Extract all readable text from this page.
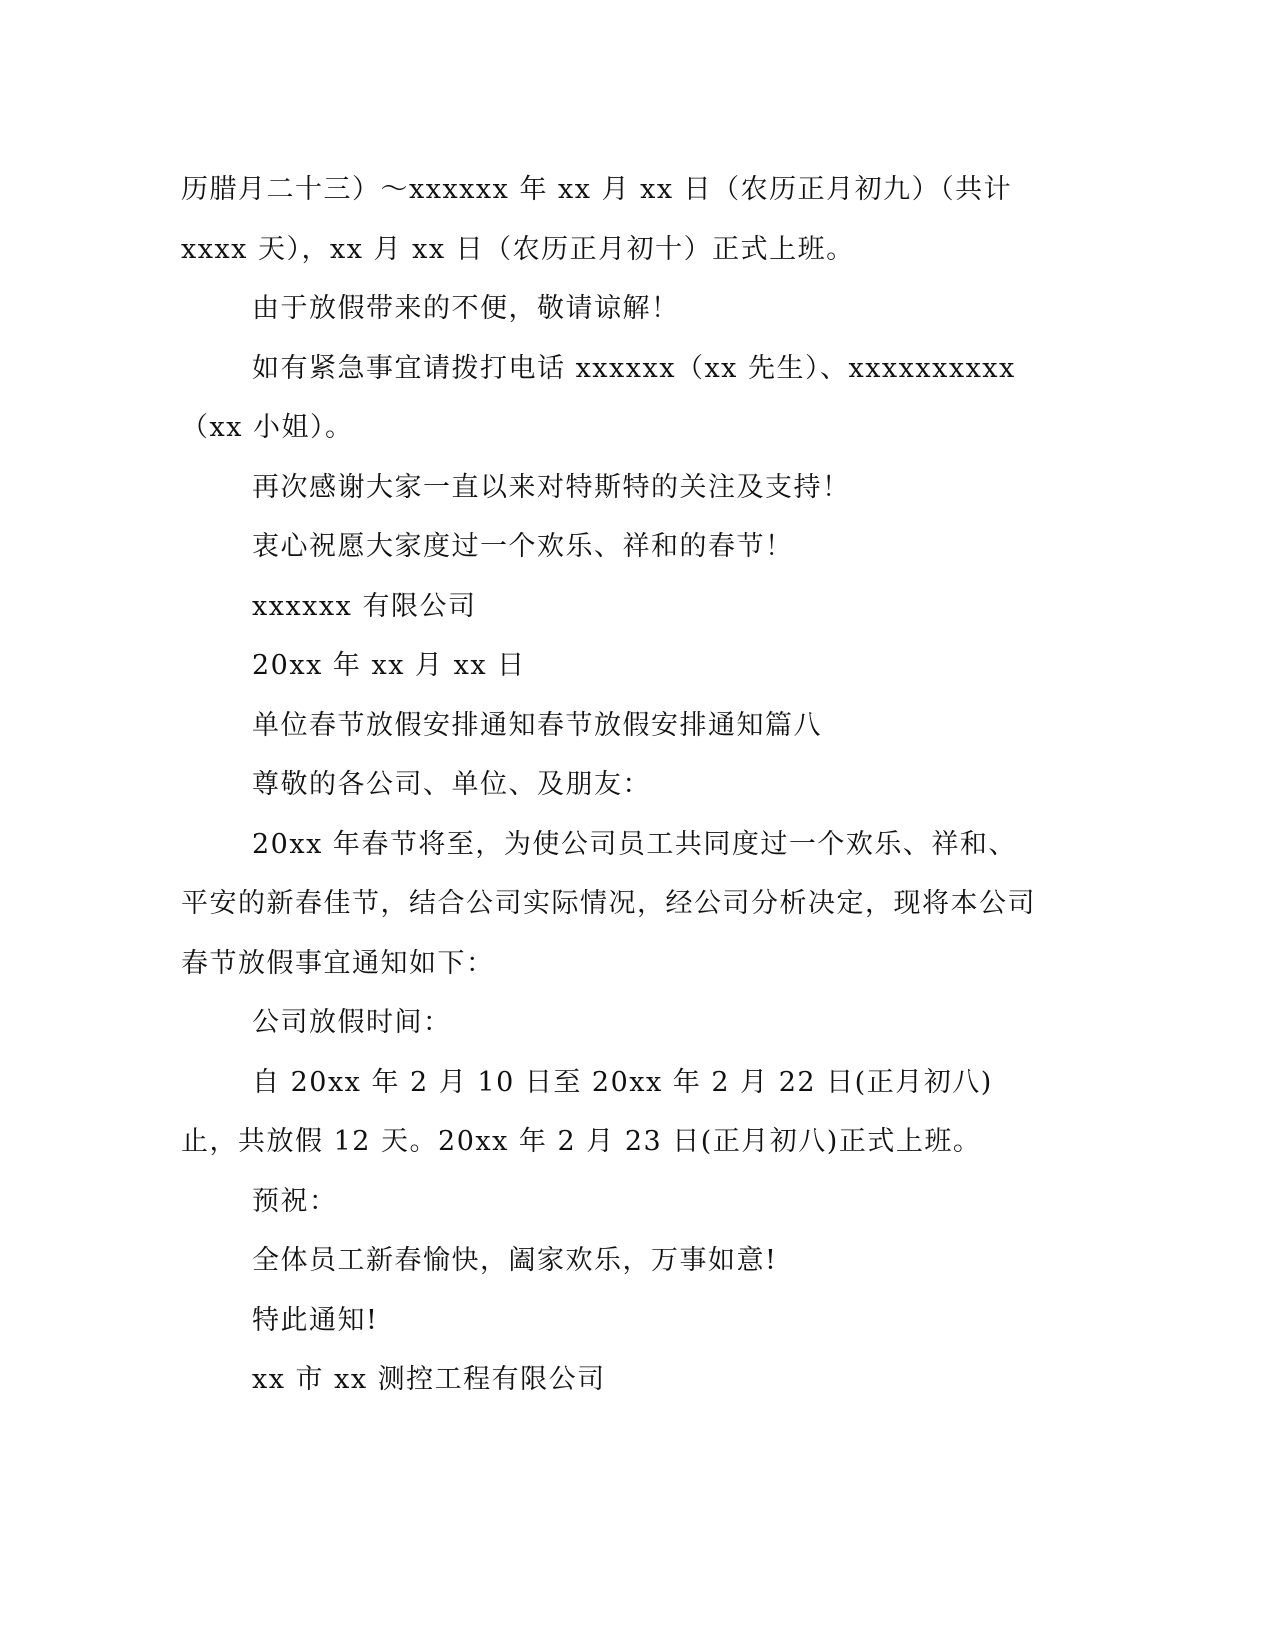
历腊月二十三）～xxxxxx 年 xx 月 xx 日（农历正月初九）（共计 xxxx 天），xx 月 xx 日（农历正月初十）正式上班。

由于放假带来的不便，敬请谅解！

如有紧急事宜请拨打电话 xxxxxx（xx 先生）、xxxxxxxxxx（xx 小姐）。

再次感谢大家一直以来对特斯特的关注及支持！

衷心祝愿大家度过一个欢乐、祥和的春节！

xxxxxx 有限公司

20xx 年 xx 月 xx 日

单位春节放假安排通知春节放假安排通知篇八

尊敬的各公司、单位、及朋友：

20xx 年春节将至，为使公司员工共同度过一个欢乐、祥和、平安的新春佳节，结合公司实际情况，经公司分析决定，现将本公司春节放假事宜通知如下：

公司放假时间：

自 20xx 年 2 月 10 日至 20xx 年 2 月 22 日(正月初八)止，共放假 12 天。20xx 年 2 月 23 日(正月初八)正式上班。

预祝：

全体员工新春愉快，阖家欢乐，万事如意!

特此通知!

xx 市 xx 测控工程有限公司
